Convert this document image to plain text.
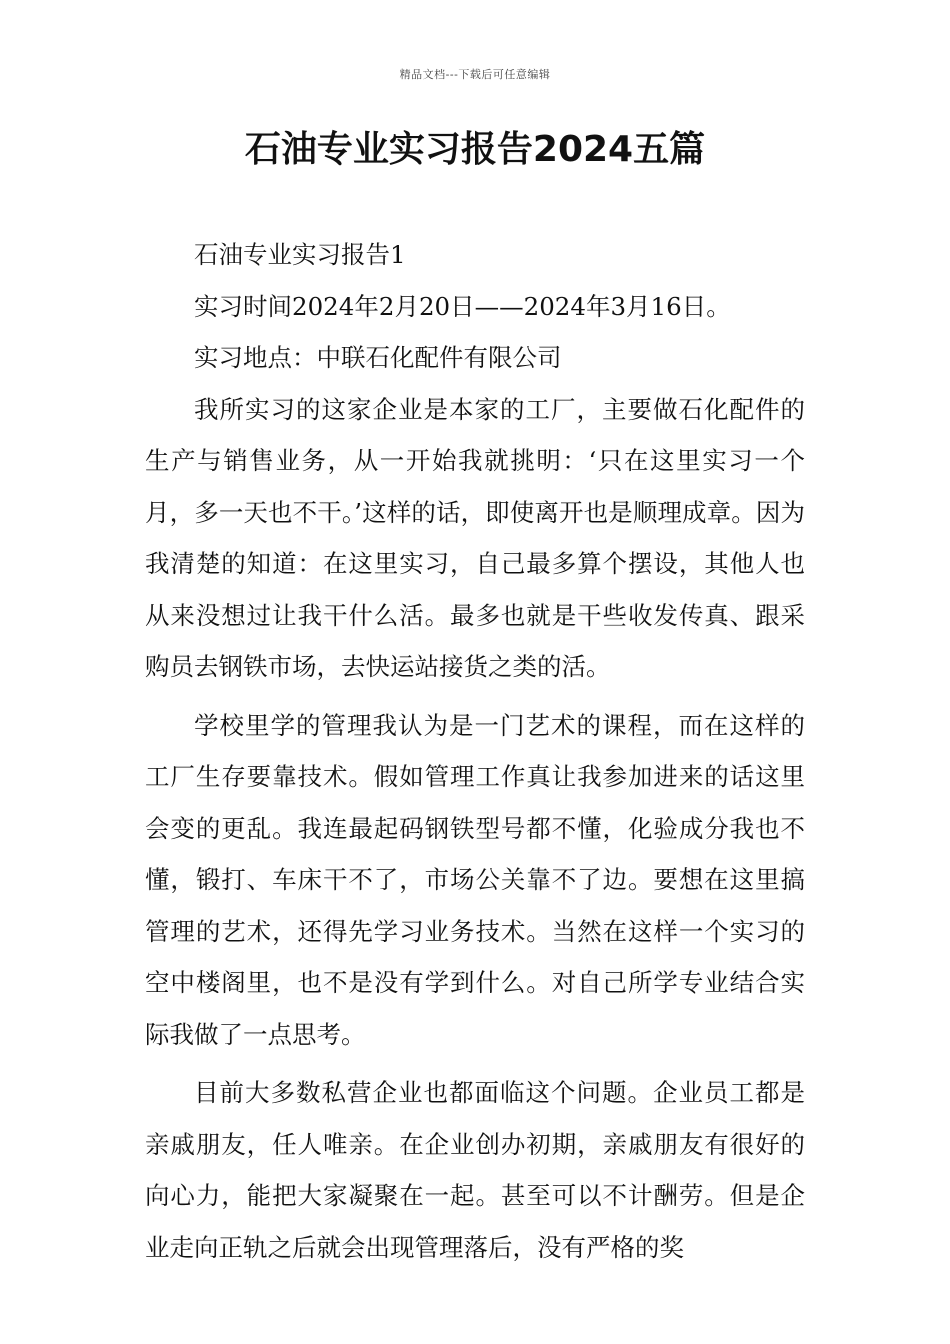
精品文档---下载后可任意编辑
石油专业实习报告2024五篇

石油专业实习报告1

实习时间2024年2月20日——2024年3月16日。

实习地点：中联石化配件有限公司

我所实习的这家企业是本家的工厂，主要做石化配件的生产与销售业务，从一开始我就挑明：‘只在这里实习一个月，多一天也不干。’这样的话，即使离开也是顺理成章。因为我清楚的知道：在这里实习，自己最多算个摆设，其他人也从来没想过让我干什么活。最多也就是干些收发传真、跟采购员去钢铁市场，去快运站接货之类的活。

学校里学的管理我认为是一门艺术的课程，而在这样的工厂生存要靠技术。假如管理工作真让我参加进来的话这里会变的更乱。我连最起码钢铁型号都不懂，化验成分我也不懂，锻打、车床干不了，市场公关靠不了边。要想在这里搞管理的艺术，还得先学习业务技术。当然在这样一个实习的空中楼阁里，也不是没有学到什么。对自己所学专业结合实际我做了一点思考。

目前大多数私营企业也都面临这个问题。企业员工都是亲戚朋友，任人唯亲。在企业创办初期，亲戚朋友有很好的向心力，能把大家凝聚在一起。甚至可以不计酬劳。但是企业走向正轨之后就会出现管理落后，没有严格的奖
